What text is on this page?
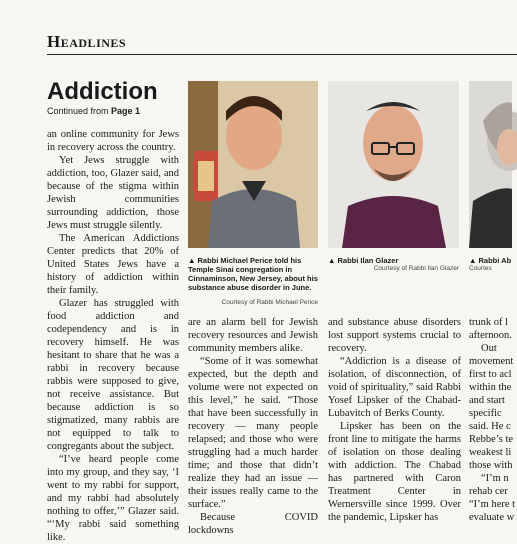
Headlines
Addiction
Continued from Page 1
▲ Rabbi Michael Perice told his Temple Sinai congregation in Cinnaminson, New Jersey, about his substance abuse disorder in June.
Courtesy of Rabbi Michael Perice
▲ Rabbi Ilan Glazer
Courtesy of Rabbi Ilan Glazer
▲ Rabbi Ab
Courtes

an online community for Jews in recovery across the country.

Yet Jews struggle with addiction, too, Glazer said, and because of the stigma within Jewish communities surrounding addiction, those Jews must struggle silently.

The American Addictions Center predicts that 20% of United States Jews have a history of addiction within their family.

Glazer has struggled with food addiction and codependency and is in recovery himself. He was hesitant to share that he was a rabbi in recovery because rabbis were supposed to give, not receive assistance. But because addiction is so stigmatized, many rabbis are not equipped to talk to congregants about the subject.

“I’ve heard people come into my group, and they say, ‘I went to my rabbi for support, and my rabbi had absolutely nothing to offer,’” Glazer said. “‘My rabbi said something like.

are an alarm bell for Jewish recovery resources and Jewish community members alike.

“Some of it was somewhat expected, but the depth and volume were not expected on this level,” he said. “Those that have been successfully in recovery — many people relapsed; and those who were struggling had a much harder time; and those that didn’t realize they had an issue — their issues really came to the surface.”

Because COVID lockdowns

and substance abuse disorders lost support systems crucial to recovery.

“Addiction is a disease of isolation, of disconnection, of void of spirituality,” said Rabbi Yosef Lipsker of the Chabad-Lubavitch of Berks County.

Lipsker has been on the front line to mitigate the harms of isolation on those dealing with addiction. The Chabad has partnered with Caron Treatment Center in Wernersville since 1999. Over the pandemic, Lipsker has

trunk of l
afternoon.
Out
movement
first to acl
within the
and start
specific
said. He c
Rebbe’s te
weakest li
those with
“I’m n
rehab cer
“I’m here t
evaluate w
